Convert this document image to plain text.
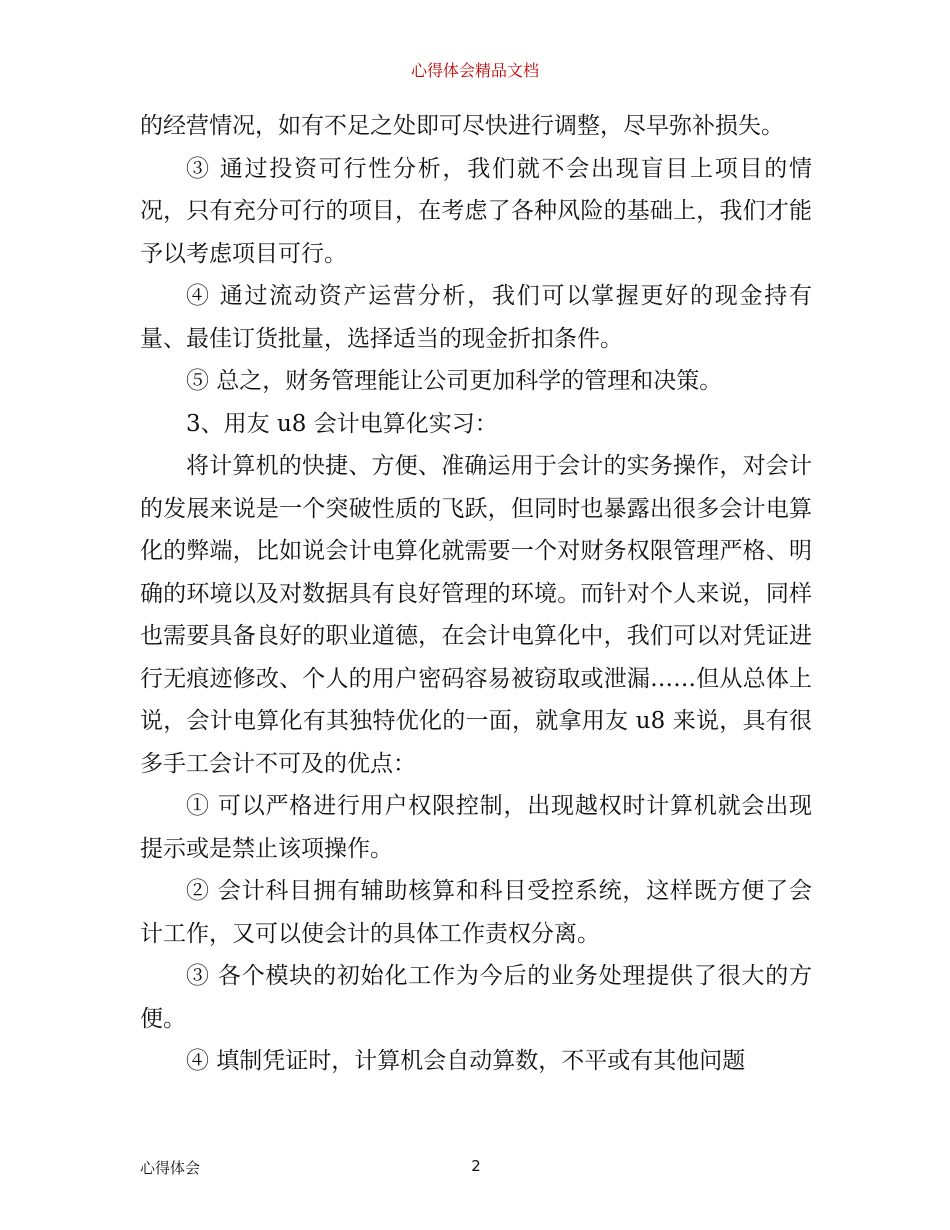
心得体会精品文档

的经营情况，如有不足之处即可尽快进行调整，尽早弥补损失。

③ 通过投资可行性分析，我们就不会出现盲目上项目的情况，只有充分可行的项目，在考虑了各种风险的基础上，我们才能予以考虑项目可行。

④ 通过流动资产运营分析，我们可以掌握更好的现金持有量、最佳订货批量，选择适当的现金折扣条件。

⑤ 总之，财务管理能让公司更加科学的管理和决策。

3、用友 u8 会计电算化实习：

将计算机的快捷、方便、准确运用于会计的实务操作，对会计的发展来说是一个突破性质的飞跃，但同时也暴露出很多会计电算化的弊端，比如说会计电算化就需要一个对财务权限管理严格、明确的环境以及对数据具有良好管理的环境。而针对个人来说，同样也需要具备良好的职业道德，在会计电算化中，我们可以对凭证进行无痕迹修改、个人的用户密码容易被窃取或泄漏……但从总体上说，会计电算化有其独特优化的一面，就拿用友 u8 来说，具有很多手工会计不可及的优点：

① 可以严格进行用户权限控制，出现越权时计算机就会出现提示或是禁止该项操作。

② 会计科目拥有辅助核算和科目受控系统，这样既方便了会计工作，又可以使会计的具体工作责权分离。

③ 各个模块的初始化工作为今后的业务处理提供了很大的方便。

④ 填制凭证时，计算机会自动算数，不平或有其他问题

心得体会	2
